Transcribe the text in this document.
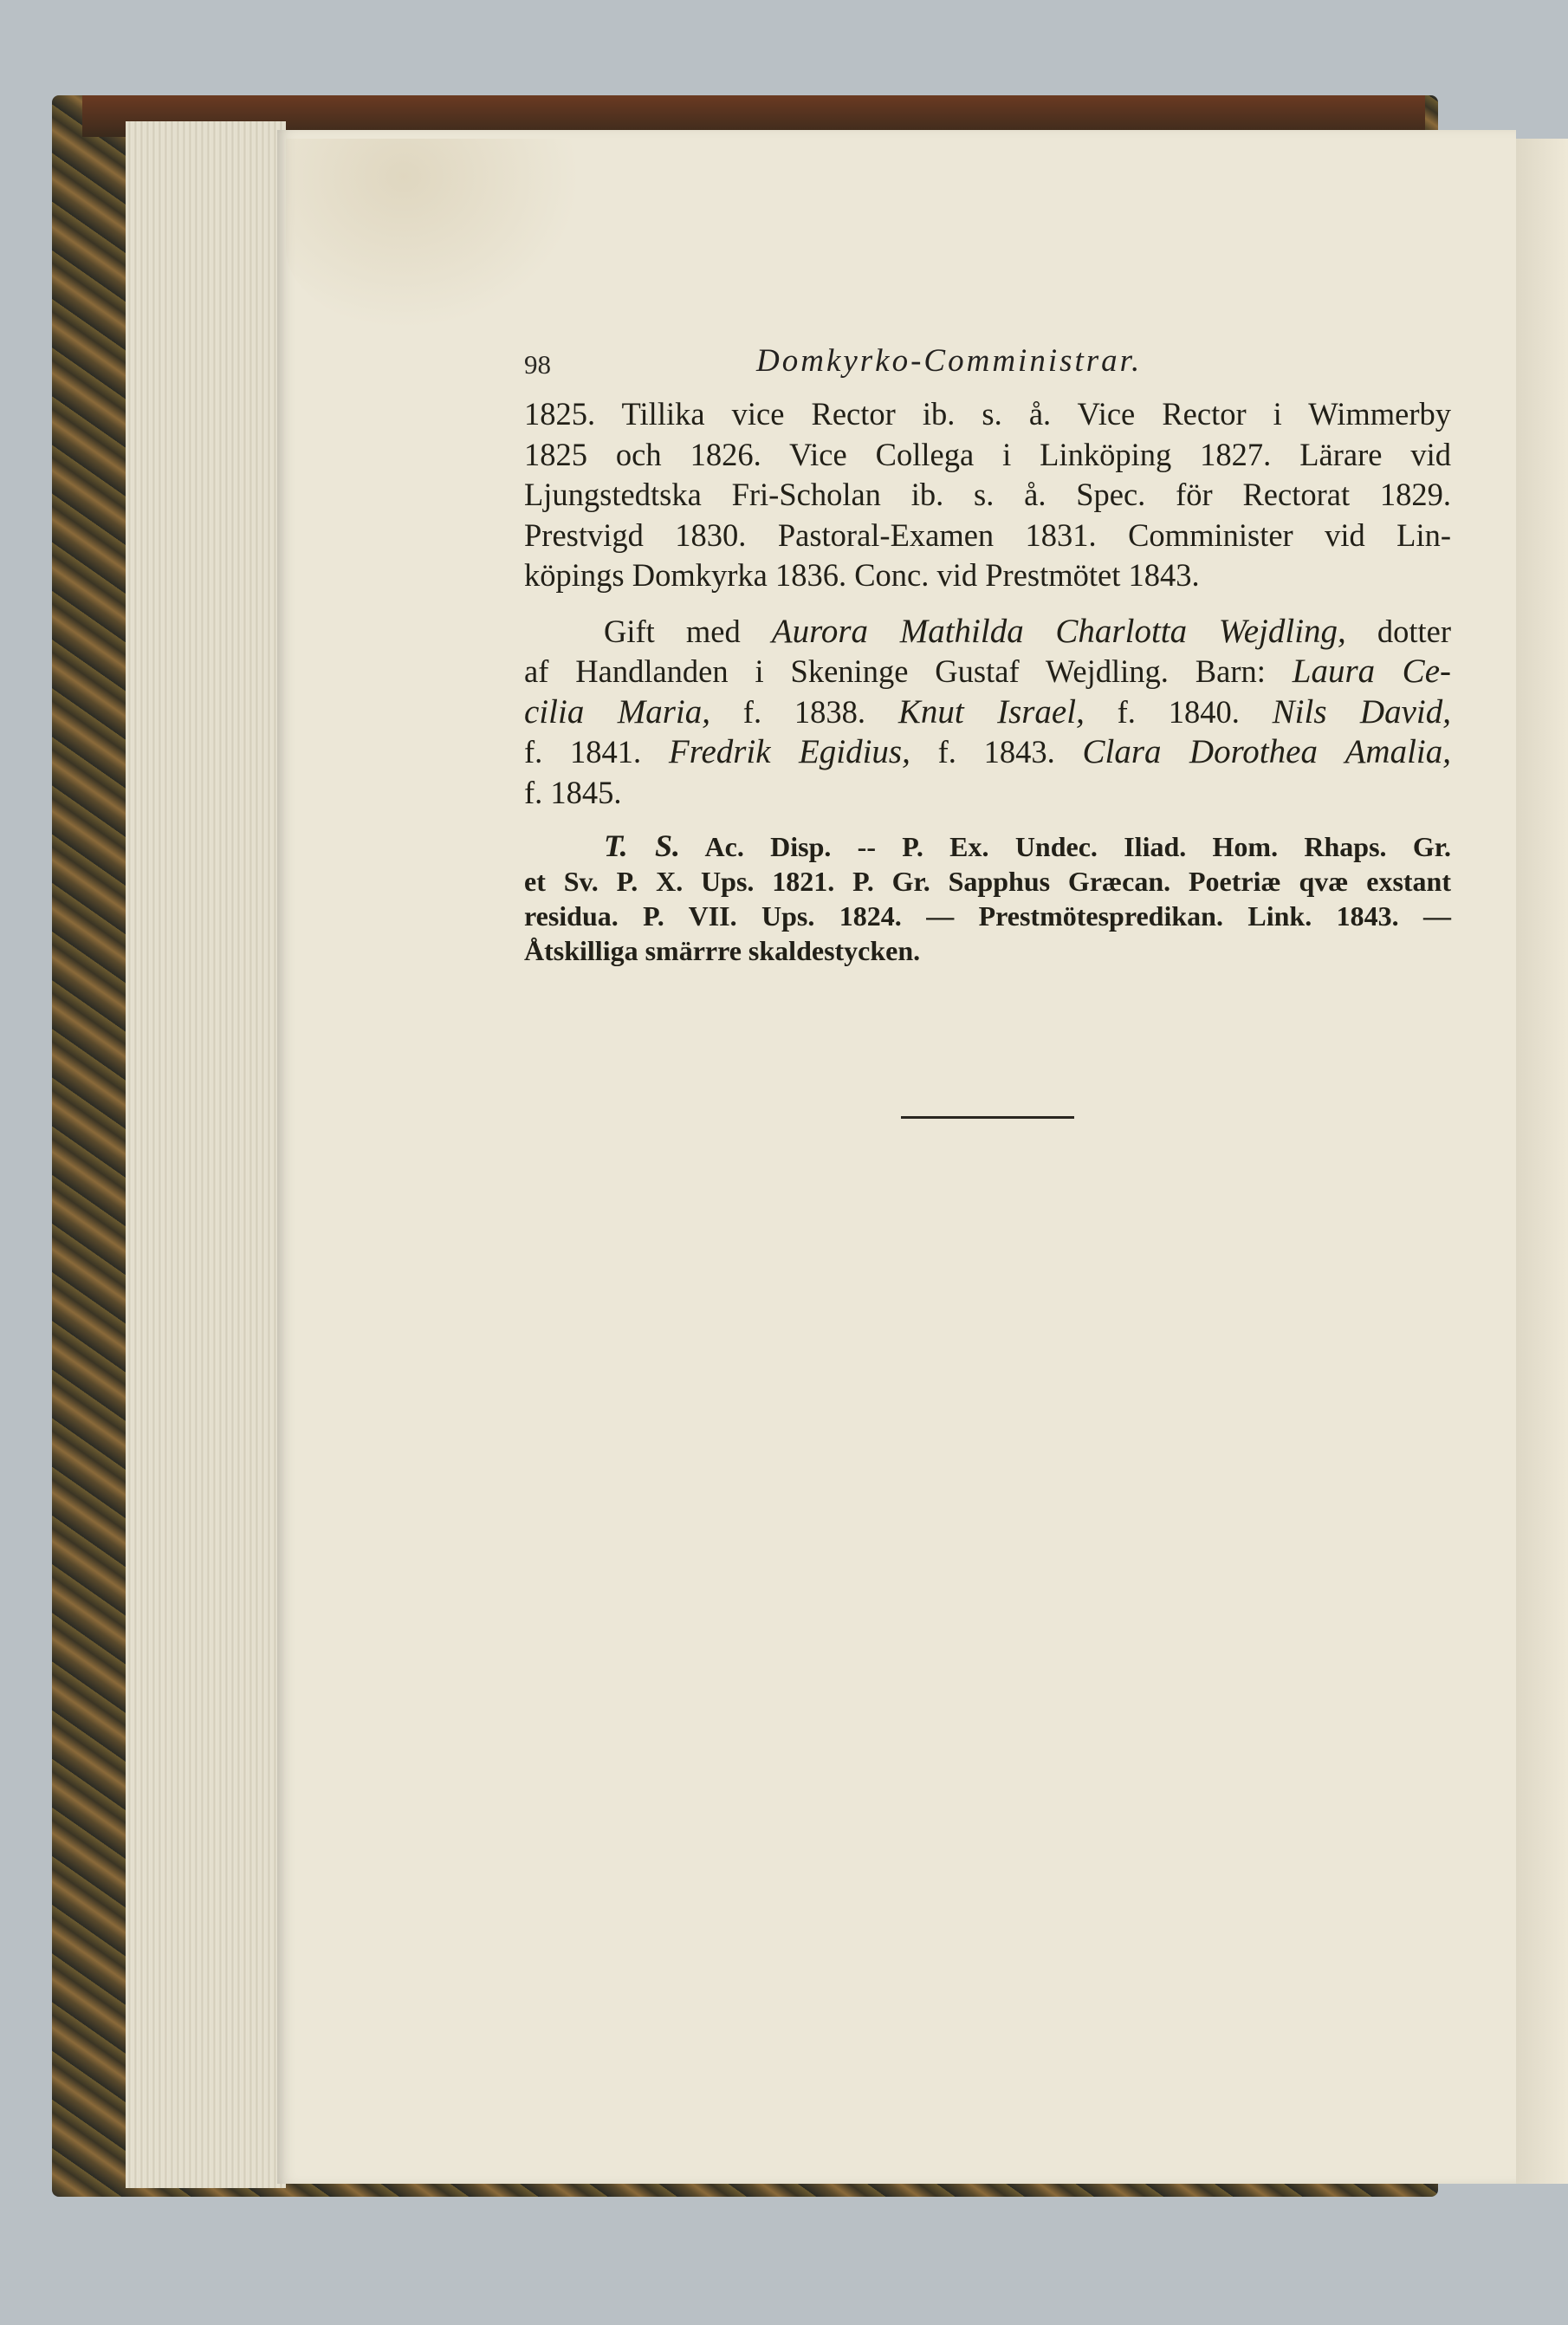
98	Domkyrko-Comministrar.
1825. Tillika vice Rector ib. s. å. Vice Rector i Wimmerby
1825 och 1826. Vice Collega i Linköping 1827. Lärare vid
Ljungstedtska Fri-Scholan ib. s. å. Spec. för Rectorat 1829.
Prestvigd 1830. Pastoral-Examen 1831. Comminister vid Lin-
köpings Domkyrka 1836. Conc. vid Prestmötet 1843.
Gift med Aurora Mathilda Charlotta Wejdling, dotter
af Handlanden i Skeninge Gustaf Wejdling. Barn: Laura Ce-
cilia Maria, f. 1838. Knut Israel, f. 1840. Nils David,
f. 1841. Fredrik Egidius, f. 1843. Clara Dorothea Amalia,
f. 1845.
T. S. Ac. Disp. -- P. Ex. Undec. Iliad. Hom. Rhaps. Gr.
et Sv. P. X. Ups. 1821. P. Gr. Sapphus Græcan. Poetriæ qvæ exstant
residua. P. VII. Ups. 1824. — Prestmötespredikan. Link. 1843. —
Åtskilliga smärrre skaldestycken.
